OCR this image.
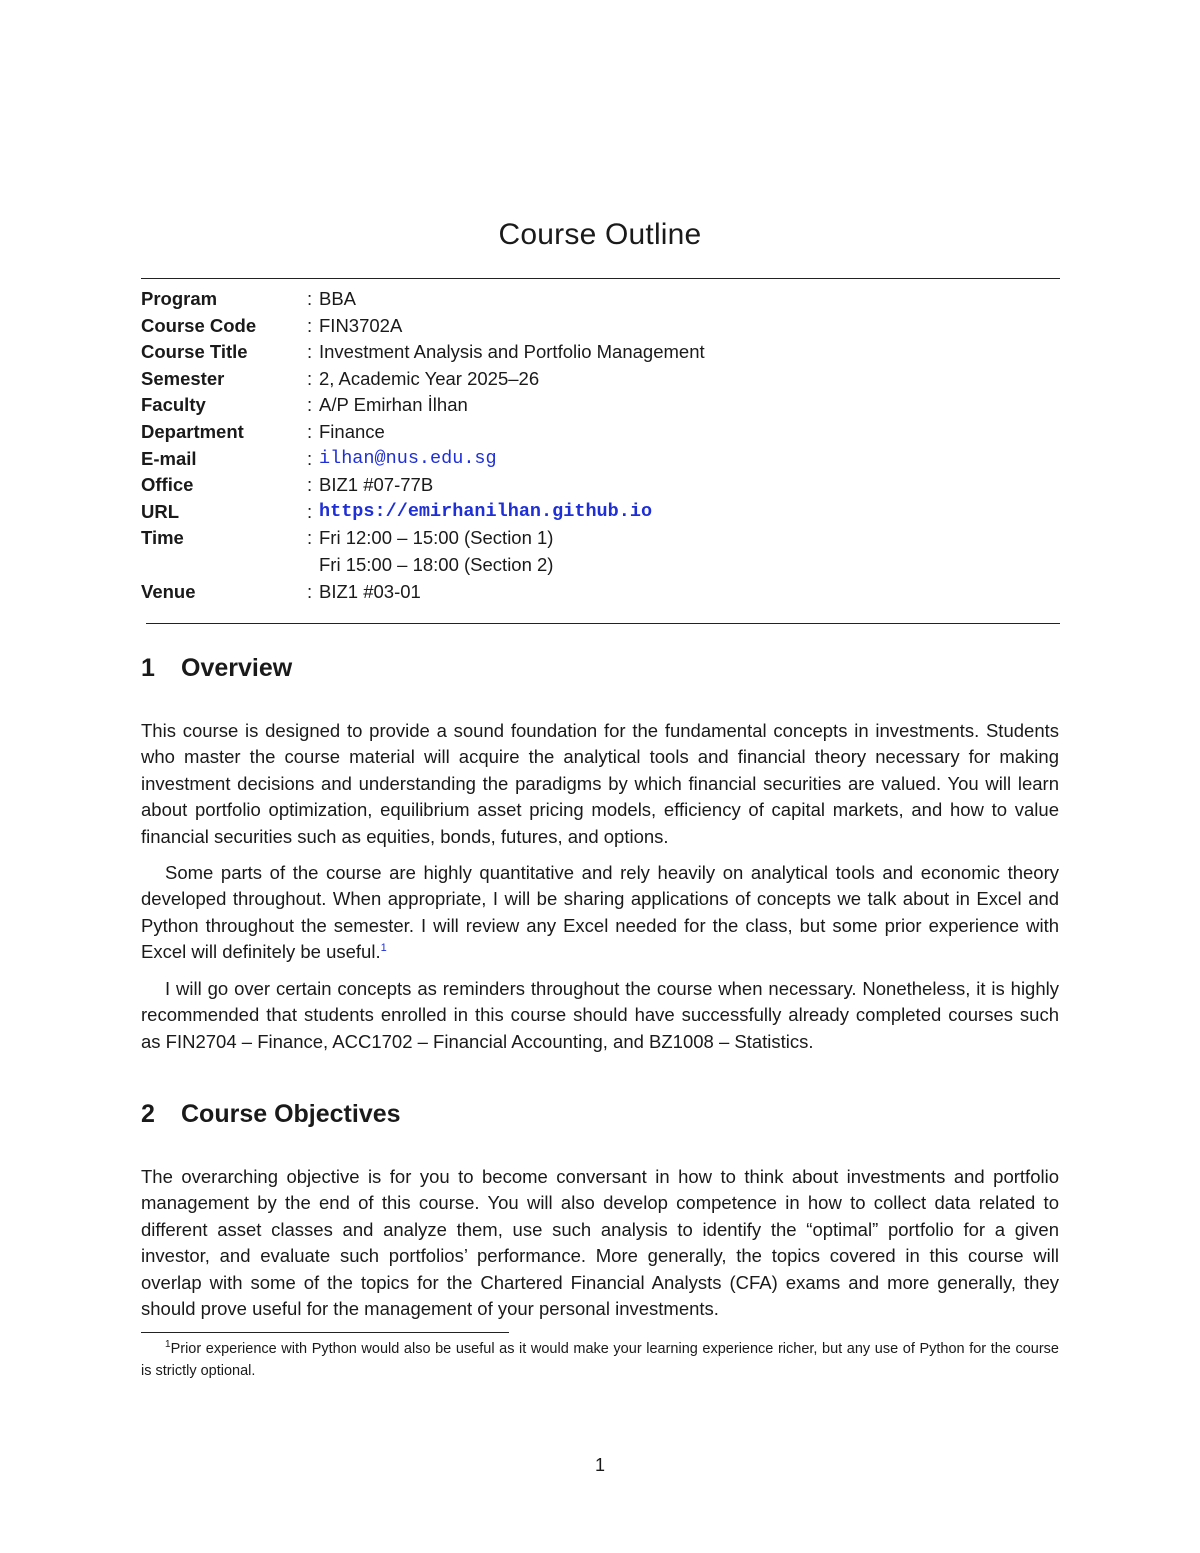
Course Outline
Program	: BBA
Course Code	: FIN3702A
Course Title	: Investment Analysis and Portfolio Management
Semester	: 2, Academic Year 2025–26
Faculty	: A/P Emirhan İlhan
Department	: Finance
E-mail	: ilhan@nus.edu.sg
Office	: BIZ1 #07-77B
URL	: https://emirhanilhan.github.io
Time	: Fri 12:00 – 15:00 (Section 1)
Fri 15:00 – 18:00 (Section 2)
Venue	: BIZ1 #03-01
1 Overview

This course is designed to provide a sound foundation for the fundamental concepts in investments. Students who master the course material will acquire the analytical tools and financial theory necessary for making investment decisions and understanding the paradigms by which financial securities are valued. You will learn about portfolio optimization, equilibrium asset pricing models, efficiency of capital markets, and how to value financial securities such as equities, bonds, futures, and options.

Some parts of the course are highly quantitative and rely heavily on analytical tools and economic theory developed throughout. When appropriate, I will be sharing applications of concepts we talk about in Excel and Python throughout the semester. I will review any Excel needed for the class, but some prior experience with Excel will definitely be useful.$^1$

I will go over certain concepts as reminders throughout the course when necessary. Nonetheless, it is highly recommended that students enrolled in this course should have successfully already completed courses such as FIN2704 – Finance, ACC1702 – Financial Accounting, and BZ1008 – Statistics.

2 Course Objectives

The overarching objective is for you to become conversant in how to think about investments and portfolio management by the end of this course. You will also develop competence in how to collect data related to different asset classes and analyze them, use such analysis to identify the “optimal” portfolio for a given investor, and evaluate such portfolios’ performance. More generally, the topics covered in this course will overlap with some of the topics for the Chartered Financial Analysts (CFA) exams and more generally, they should prove useful for the management of your personal investments.

$^1$Prior experience with Python would also be useful as it would make your learning experience richer, but any use of Python for the course is strictly optional.

1
